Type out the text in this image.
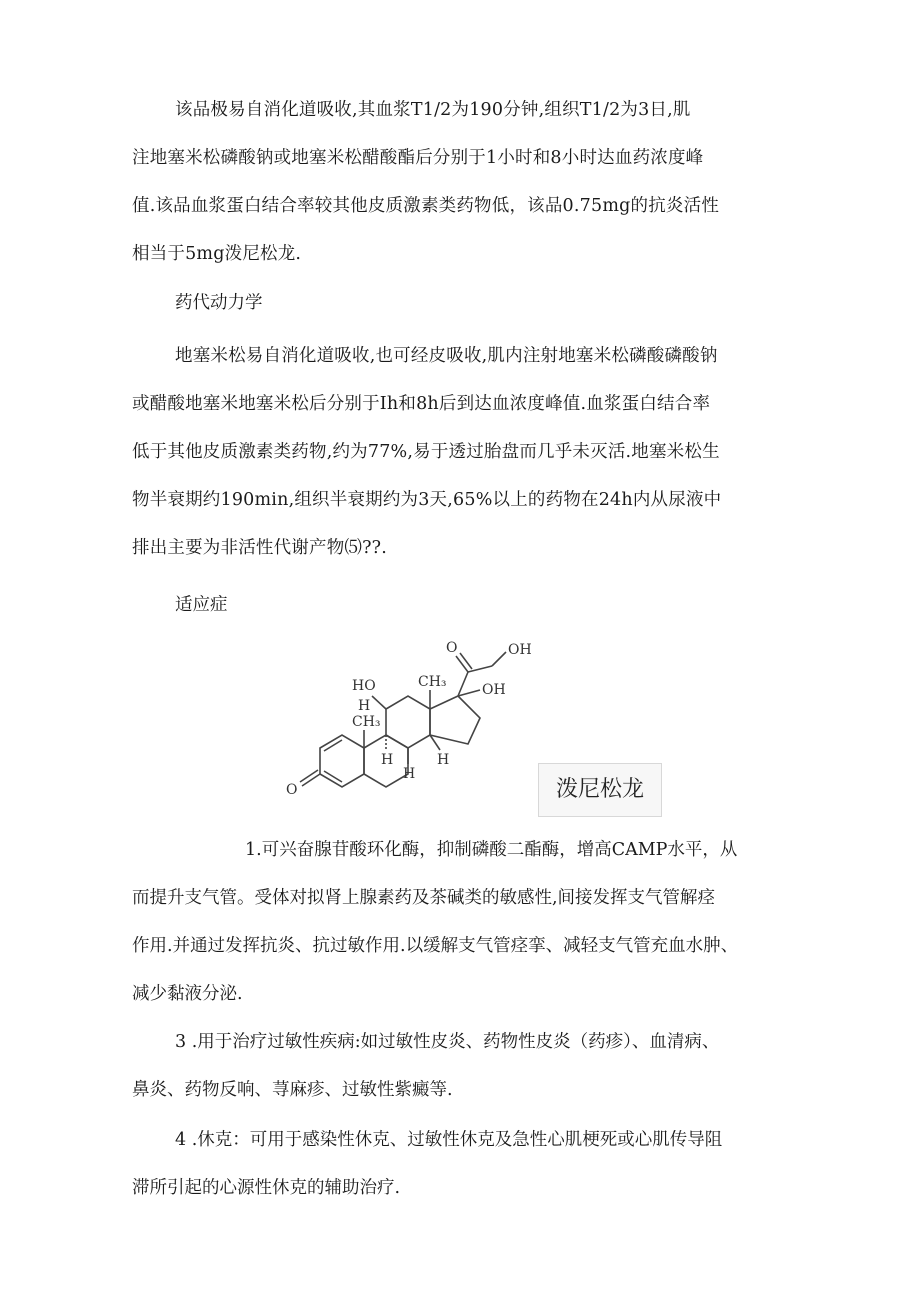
该品极易自消化道吸收,其血浆T1/2为190分钟,组织T1/2为3日,肌
注地塞米松磷酸钠或地塞米松醋酸酯后分别于1小时和8小时达血药浓度峰
值.该品血浆蛋白结合率较其他皮质激素类药物低，该品0.75mg的抗炎活性
相当于5mg泼尼松龙.
药代动力学
地塞米松易自消化道吸收,也可经皮吸收,肌内注射地塞米松磷酸磷酸钠
或醋酸地塞米地塞米松后分别于Ih和8h后到达血浓度峰值.血浆蛋白结合率
低于其他皮质激素类药物,约为77%,易于透过胎盘而几乎未灭活.地塞米松生
物半衰期约190min,组织半衰期约为3天,65%以上的药物在24h内从尿液中
排出主要为非活性代谢产物⑸??.
适应症
OH
OH
O
CH₃
HO
H
CH₃
H
H
H
O	泼尼松龙
1.可兴奋腺苷酸环化酶，抑制磷酸二酯酶，增高CAMP水平，从
而提升支气管。受体对拟肾上腺素药及茶碱类的敏感性,间接发挥支气管解痉
作用.并通过发挥抗炎、抗过敏作用.以缓解支气管痉挛、减轻支气管充血水肿、
减少黏液分泌.
3 .用于治疗过敏性疾病:如过敏性皮炎、药物性皮炎（药疹）、血清病、
鼻炎、药物反响、荨麻疹、过敏性紫癜等.
4 .休克：可用于感染性休克、过敏性休克及急性心肌梗死或心肌传导阻
滞所引起的心源性休克的辅助治疗.
